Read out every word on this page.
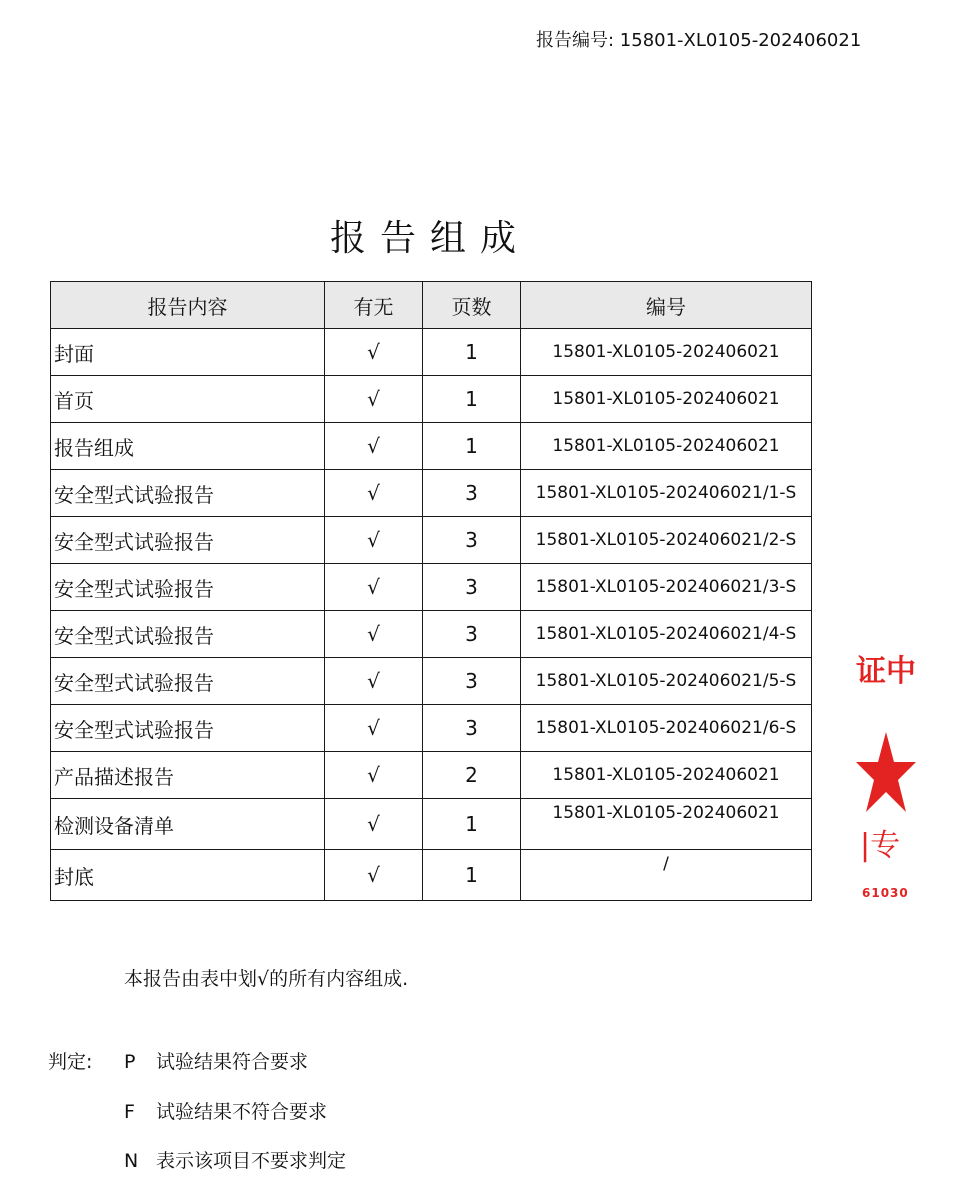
报告编号: 15801-XL0105-202406021
报告组成
报告内容	有无	页数	编号
封面	√	1	15801-XL0105-202406021
首页	√	1	15801-XL0105-202406021
报告组成	√	1	15801-XL0105-202406021
安全型式试验报告	√	3	15801-XL0105-202406021/1-S
安全型式试验报告	√	3	15801-XL0105-202406021/2-S
安全型式试验报告	√	3	15801-XL0105-202406021/3-S
安全型式试验报告	√	3	15801-XL0105-202406021/4-S
安全型式试验报告	√	3	15801-XL0105-202406021/5-S
安全型式试验报告	√	3	15801-XL0105-202406021/6-S
产品描述报告	√	2	15801-XL0105-202406021
检测设备清单	√	1	15801-XL0105-202406021
封底	√	1	/
本报告由表中划√的所有内容组成.
判定: P 试验结果符合要求
F 试验结果不符合要求
N 表示该项目不要求判定
证中
|专
61030
